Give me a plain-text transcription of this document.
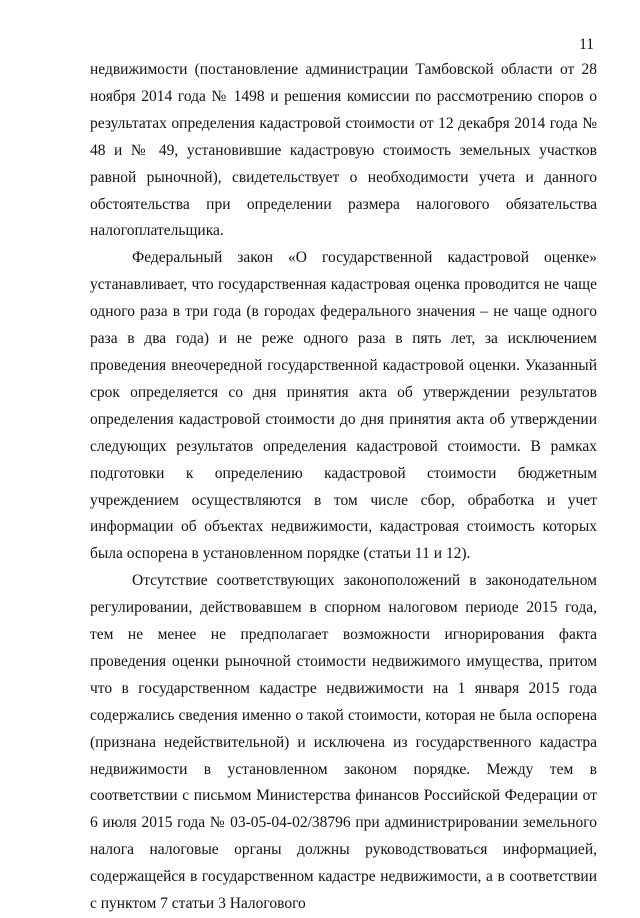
11

недвижимости (постановление администрации Тамбовской области от 28 ноября 2014 года № 1498 и решения комиссии по рассмотрению споров о результатах определения кадастровой стоимости от 12 декабря 2014 года № 48 и № 49, установившие кадастровую стоимость земельных участков равной рыночной), свидетельствует о необходимости учета и данного обстоятельства при определении размера налогового обязательства налогоплательщика.

Федеральный закон «О государственной кадастровой оценке» устанавливает, что государственная кадастровая оценка проводится не чаще одного раза в три года (в городах федерального значения – не чаще одного раза в два года) и не реже одного раза в пять лет, за исключением проведения внеочередной государственной кадастровой оценки. Указанный срок определяется со дня принятия акта об утверждении результатов определения кадастровой стоимости до дня принятия акта об утверждении следующих результатов определения кадастровой стоимости. В рамках подготовки к определению кадастровой стоимости бюджетным учреждением осуществляются в том числе сбор, обработка и учет информации об объектах недвижимости, кадастровая стоимость которых была оспорена в установленном порядке (статьи 11 и 12).

Отсутствие соответствующих законоположений в законодательном регулировании, действовавшем в спорном налоговом периоде 2015 года, тем не менее не предполагает возможности игнорирования факта проведения оценки рыночной стоимости недвижимого имущества, притом что в государственном кадастре недвижимости на 1 января 2015 года содержались сведения именно о такой стоимости, которая не была оспорена (признана недействительной) и исключена из государственного кадастра недвижимости в установленном законом порядке. Между тем в соответствии с письмом Министерства финансов Российской Федерации от 6 июля 2015 года № 03-05-04-02/38796 при администрировании земельного налога налоговые органы должны руководствоваться информацией, содержащейся в государственном кадастре недвижимости, а в соответствии с пунктом 7 статьи 3 Налогового
